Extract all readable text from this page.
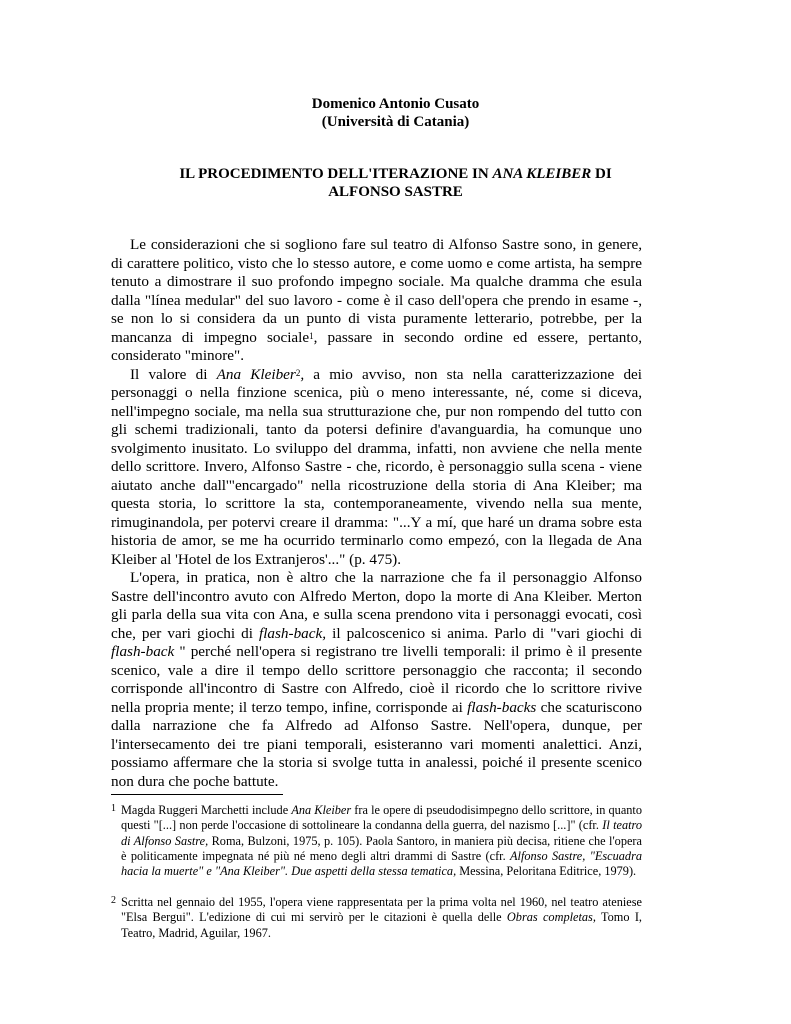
Domenico Antonio Cusato
(Università di Catania)
IL PROCEDIMENTO DELL'ITERAZIONE IN ANA KLEIBER DI
ALFONSO SASTRE

Le considerazioni che si sogliono fare sul teatro di Alfonso Sastre sono, in genere, di carattere politico, visto che lo stesso autore, e come uomo e come artista, ha sempre tenuto a dimostrare il suo profondo impegno sociale. Ma qualche dramma che esula dalla "línea medular" del suo lavoro - come è il caso dell'opera che prendo in esame -, se non lo si considera da un punto di vista puramente letterario, potrebbe, per la mancanza di impegno sociale$^1$, passare in secondo ordine ed essere, pertanto, considerato "minore".

Il valore di Ana Kleiber$^2$, a mio avviso, non sta nella caratterizzazione dei personaggi o nella finzione scenica, più o meno interessante, né, come si diceva, nell'impegno sociale, ma nella sua strutturazione che, pur non rompendo del tutto con gli schemi tradizionali, tanto da potersi definire d'avanguardia, ha comunque uno svolgimento inusitato. Lo sviluppo del dramma, infatti, non avviene che nella mente dello scrittore. Invero, Alfonso Sastre - che, ricordo, è personaggio sulla scena - viene aiutato anche dall'"encargado" nella ricostruzione della storia di Ana Kleiber; ma questa storia, lo scrittore la sta, contemporaneamente, vivendo nella sua mente, rimuginandola, per potervi creare il dramma: "...Y a mí, que haré un drama sobre esta historia de amor, se me ha ocurrido terminarlo como empezó, con la llegada de Ana Kleiber al 'Hotel de los Extranjeros'..." (p. 475).

L'opera, in pratica, non è altro che la narrazione che fa il personaggio Alfonso Sastre dell'incontro avuto con Alfredo Merton, dopo la morte di Ana Kleiber. Merton gli parla della sua vita con Ana, e sulla scena prendono vita i personaggi evocati, così che, per vari giochi di flash-back, il palcoscenico si anima. Parlo di "vari giochi di flash-back " perché nell'opera si registrano tre livelli temporali: il primo è il presente scenico, vale a dire il tempo dello scrittore personaggio che racconta; il secondo corrisponde all'incontro di Sastre con Alfredo, cioè il ricordo che lo scrittore rivive nella propria mente; il terzo tempo, infine, corrisponde ai flash-backs che scaturiscono dalla narrazione che fa Alfredo ad Alfonso Sastre. Nell'opera, dunque, per l'intersecamento dei tre piani temporali, esisteranno vari momenti analettici. Anzi, possiamo affermare che la storia si svolge tutta in analessi, poiché il presente scenico non dura che poche battute.

1 Magda Ruggeri Marchetti include Ana Kleiber fra le opere di pseudodisimpegno dello scrittore, in quanto questi "[...] non perde l'occasione di sottolineare la condanna della guerra, del nazismo [...]" (cfr. Il teatro di Alfonso Sastre, Roma, Bulzoni, 1975, p. 105). Paola Santoro, in maniera più decisa, ritiene che l'opera è politicamente impegnata né più né meno degli altri drammi di Sastre (cfr. Alfonso Sastre, "Escuadra hacia la muerte" e "Ana Kleiber". Due aspetti della stessa tematica, Messina, Peloritana Editrice, 1979).
2 Scritta nel gennaio del 1955, l'opera viene rappresentata per la prima volta nel 1960, nel teatro ateniese "Elsa Bergui". L'edizione di cui mi servirò per le citazioni è quella delle Obras completas, Tomo I, Teatro, Madrid, Aguilar, 1967.
